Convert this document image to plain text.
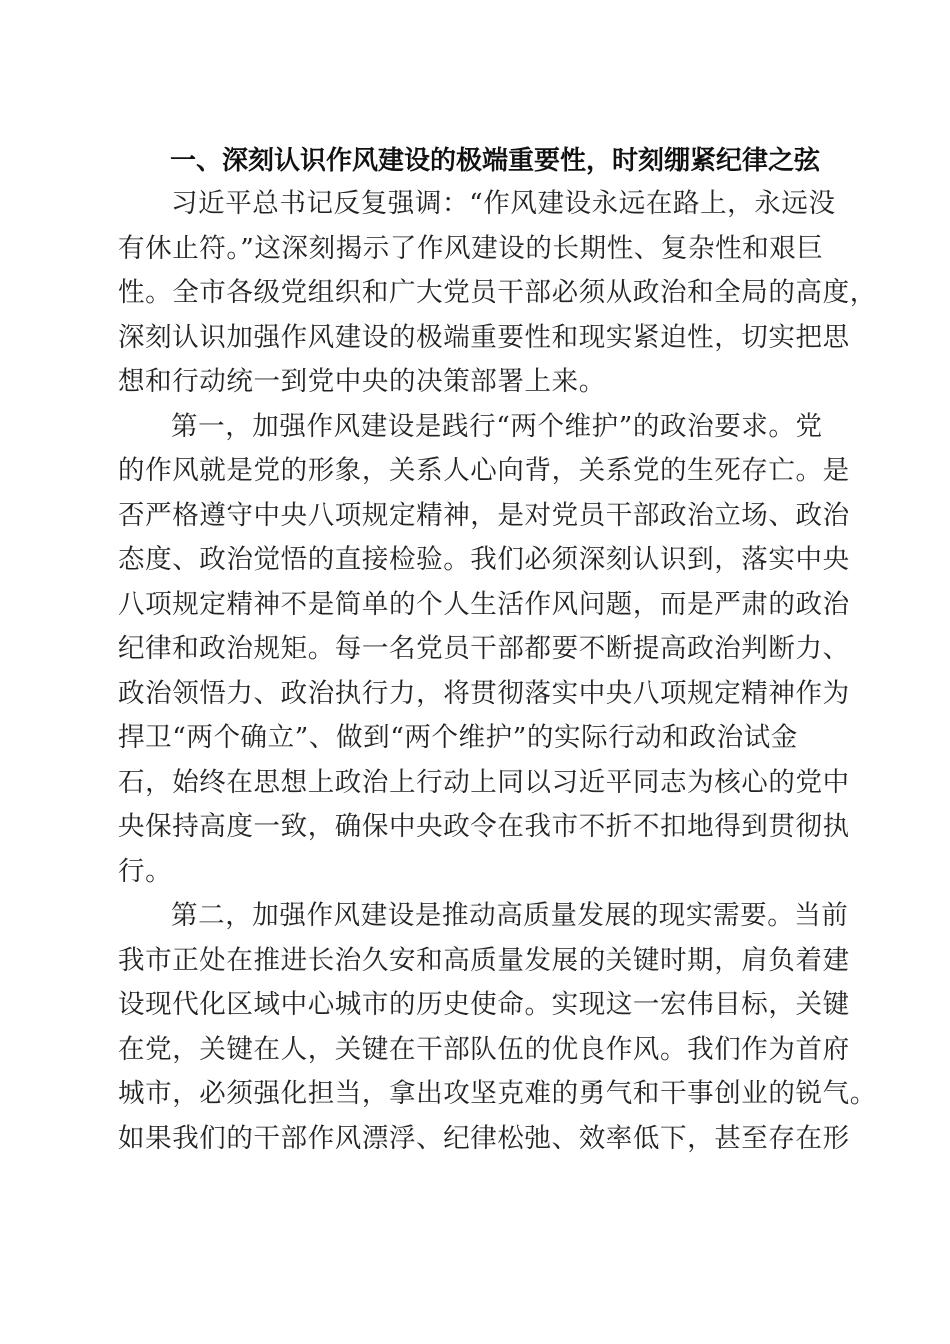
一、深刻认识作风建设的极端重要性，时刻绷紧纪律之弦

习近平总书记反复强调：“作风建设永远在路上，永远没
有休止符。”这深刻揭示了作风建设的长期性、复杂性和艰巨
性。全市各级党组织和广大党员干部必须从政治和全局的高度，
深刻认识加强作风建设的极端重要性和现实紧迫性，切实把思
想和行动统一到党中央的决策部署上来。

第一，加强作风建设是践行“两个维护”的政治要求。党
的作风就是党的形象，关系人心向背，关系党的生死存亡。是
否严格遵守中央八项规定精神，是对党员干部政治立场、政治
态度、政治觉悟的直接检验。我们必须深刻认识到，落实中央
八项规定精神不是简单的个人生活作风问题，而是严肃的政治
纪律和政治规矩。每一名党员干部都要不断提高政治判断力、
政治领悟力、政治执行力，将贯彻落实中央八项规定精神作为
捍卫“两个确立”、做到“两个维护”的实际行动和政治试金
石，始终在思想上政治上行动上同以习近平同志为核心的党中
央保持高度一致，确保中央政令在我市不折不扣地得到贯彻执
行。

第二，加强作风建设是推动高质量发展的现实需要。当前
我市正处在推进长治久安和高质量发展的关键时期，肩负着建
设现代化区域中心城市的历史使命。实现这一宏伟目标，关键
在党，关键在人，关键在干部队伍的优良作风。我们作为首府
城市，必须强化担当，拿出攻坚克难的勇气和干事创业的锐气。
如果我们的干部作风漂浮、纪律松弛、效率低下，甚至存在形
